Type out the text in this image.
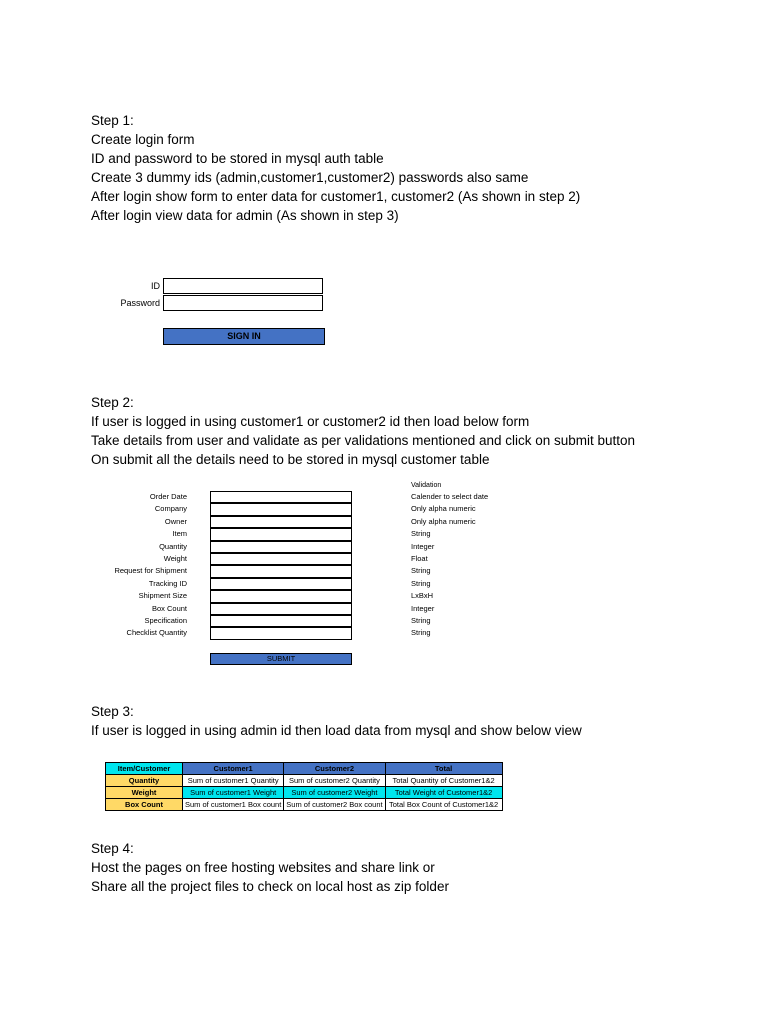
Step 1:
Create login form
ID and password to be stored in mysql auth table
Create 3 dummy ids (admin,customer1,customer2) passwords also same
After login show form to enter data for customer1, customer2 (As shown in step 2)
After login view data for admin (As shown in step 3)
ID
Password
SIGN IN
Step 2:
If user is logged in using customer1 or customer2 id then load below form
Take details from user and validate as per validations mentioned and click on submit button
On submit all the details need to be stored in mysql customer table
Validation
Order Date	Calender to select date
Company	Only alpha numeric
Owner	Only alpha numeric
Item	String
Quantity	Integer
Weight	Float
Request for Shipment	String
Tracking ID	String
Shipment Size	LxBxH
Box Count	Integer
Specification	String
Checklist Quantity	String
SUBMIT
Step 3:
If user is logged in using admin id then load data from mysql and show below view
Item/Customer	Customer1	Customer2	Total
Quantity	Sum of customer1 Quantity	Sum of customer2 Quantity	Total Quantity of Customer1&2
Weight	Sum of customer1 Weight	Sum of customer2 Weight	Total Weight of Customer1&2
Box Count	Sum of customer1 Box count	Sum of customer2 Box count	Total Box Count of Customer1&2
Step 4:
Host the pages on free hosting websites and share link or
Share all the project files to check on local host as zip folder
